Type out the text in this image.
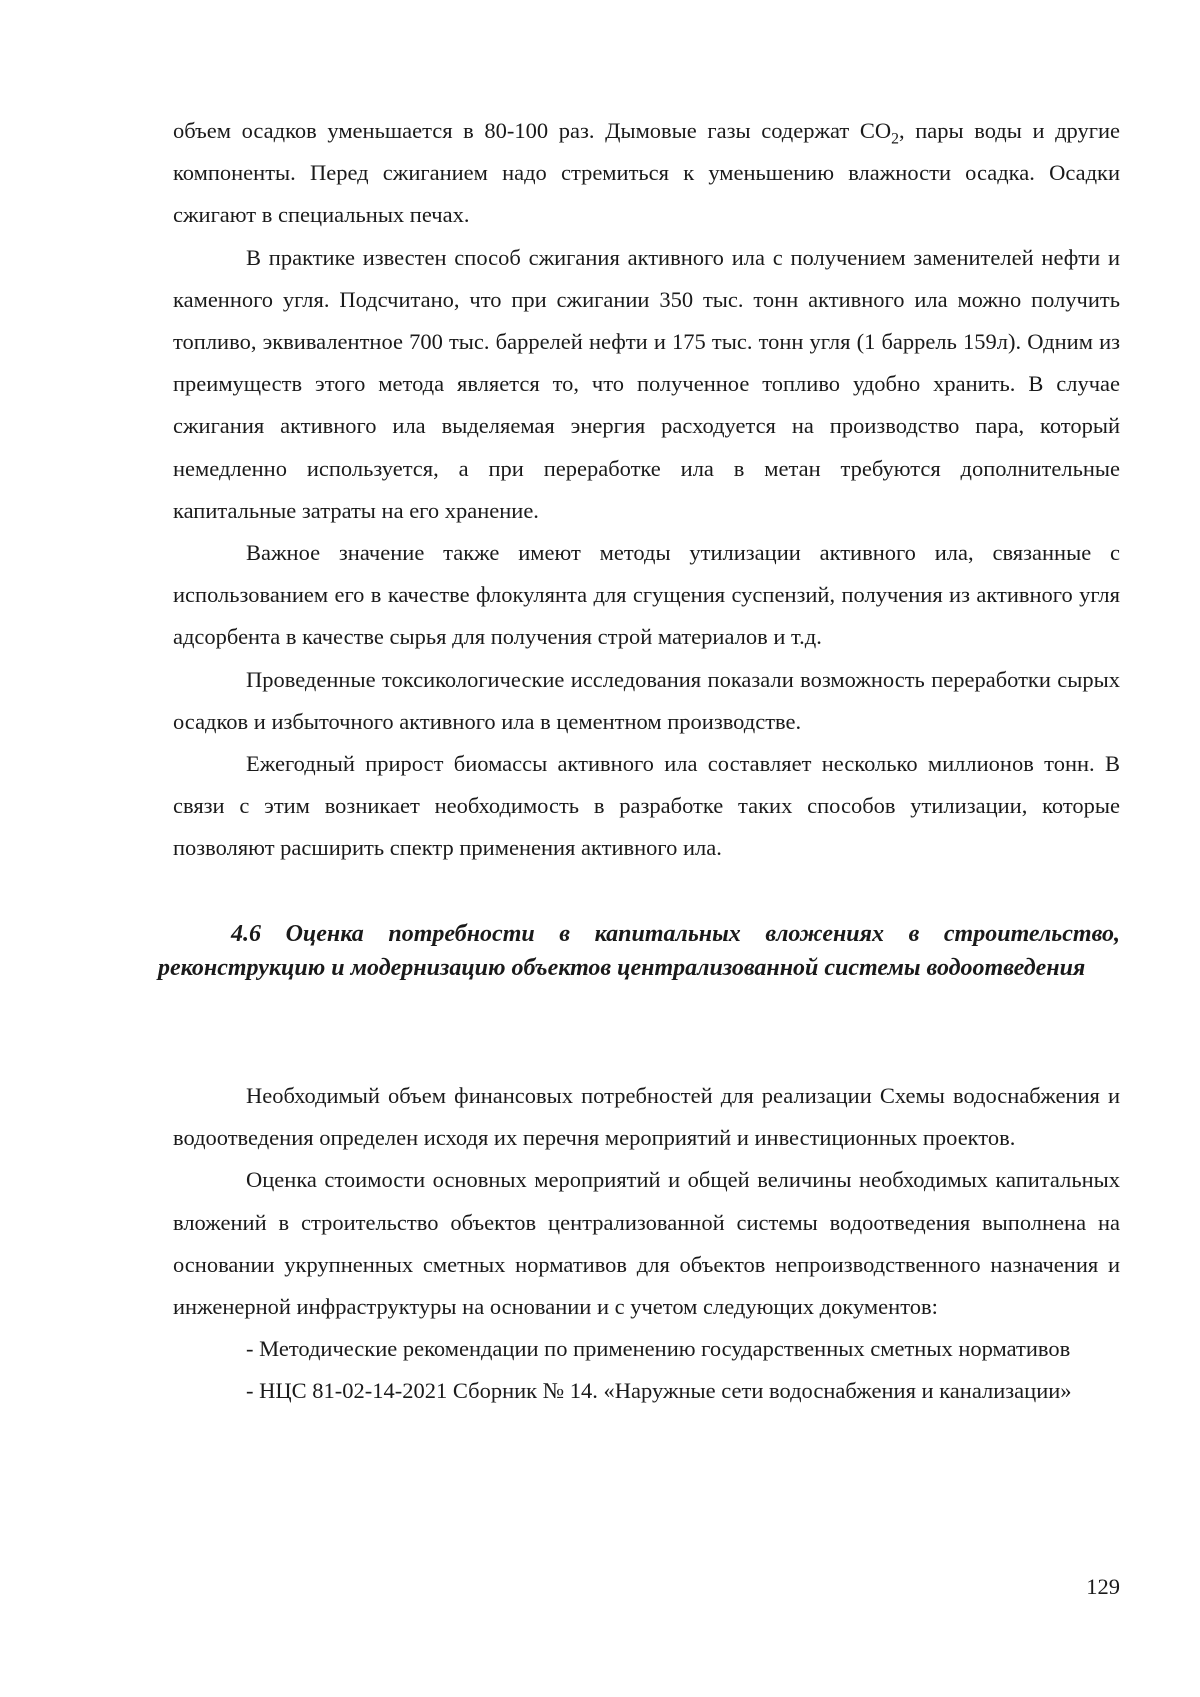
объем осадков уменьшается в 80-100 раз. Дымовые газы содержат $CO_2$, пары воды и другие компоненты. Перед сжиганием надо стремиться к уменьшению влажности осадка. Осадки сжигают в специальных печах.

В практике известен способ сжигания активного ила с получением заменителей нефти и каменного угля. Подсчитано, что при сжигании 350 тыс. тонн активного ила можно получить топливо, эквивалентное 700 тыс. баррелей нефти и 175 тыс. тонн угля (1 баррель 159л). Одним из преимуществ этого метода является то, что полученное топливо удобно хранить. В случае сжигания активного ила выделяемая энергия расходуется на производство пара, который немедленно используется, а при переработке ила в метан требуются дополнительные капитальные затраты на его хранение.

Важное значение также имеют методы утилизации активного ила, связанные с использованием его в качестве флокулянта для сгущения суспензий, получения из активного угля адсорбента в качестве сырья для получения строй материалов и т.д.

Проведенные токсикологические исследования показали возможность переработки сырых осадков и избыточного активного ила в цементном производстве.

Ежегодный прирост биомассы активного ила составляет несколько миллионов тонн. В связи с этим возникает необходимость в разработке таких способов утилизации, которые позволяют расширить спектр применения активного ила.

4.6 Оценка потребности в капитальных вложениях в строительство, реконструкцию и модернизацию объектов централизованной системы водоотведения

Необходимый объем финансовых потребностей для реализации Схемы водоснабжения и водоотведения определен исходя их перечня мероприятий и инвестиционных проектов.

Оценка стоимости основных мероприятий и общей величины необходимых капитальных вложений в строительство объектов централизованной системы водоотведения выполнена на основании укрупненных сметных нормативов для объектов непроизводственного назначения и инженерной инфраструктуры на основании и с учетом следующих документов:

- Методические рекомендации по применению государственных сметных нормативов

- НЦС 81-02-14-2021 Сборник № 14. «Наружные сети водоснабжения и канализации»

129
